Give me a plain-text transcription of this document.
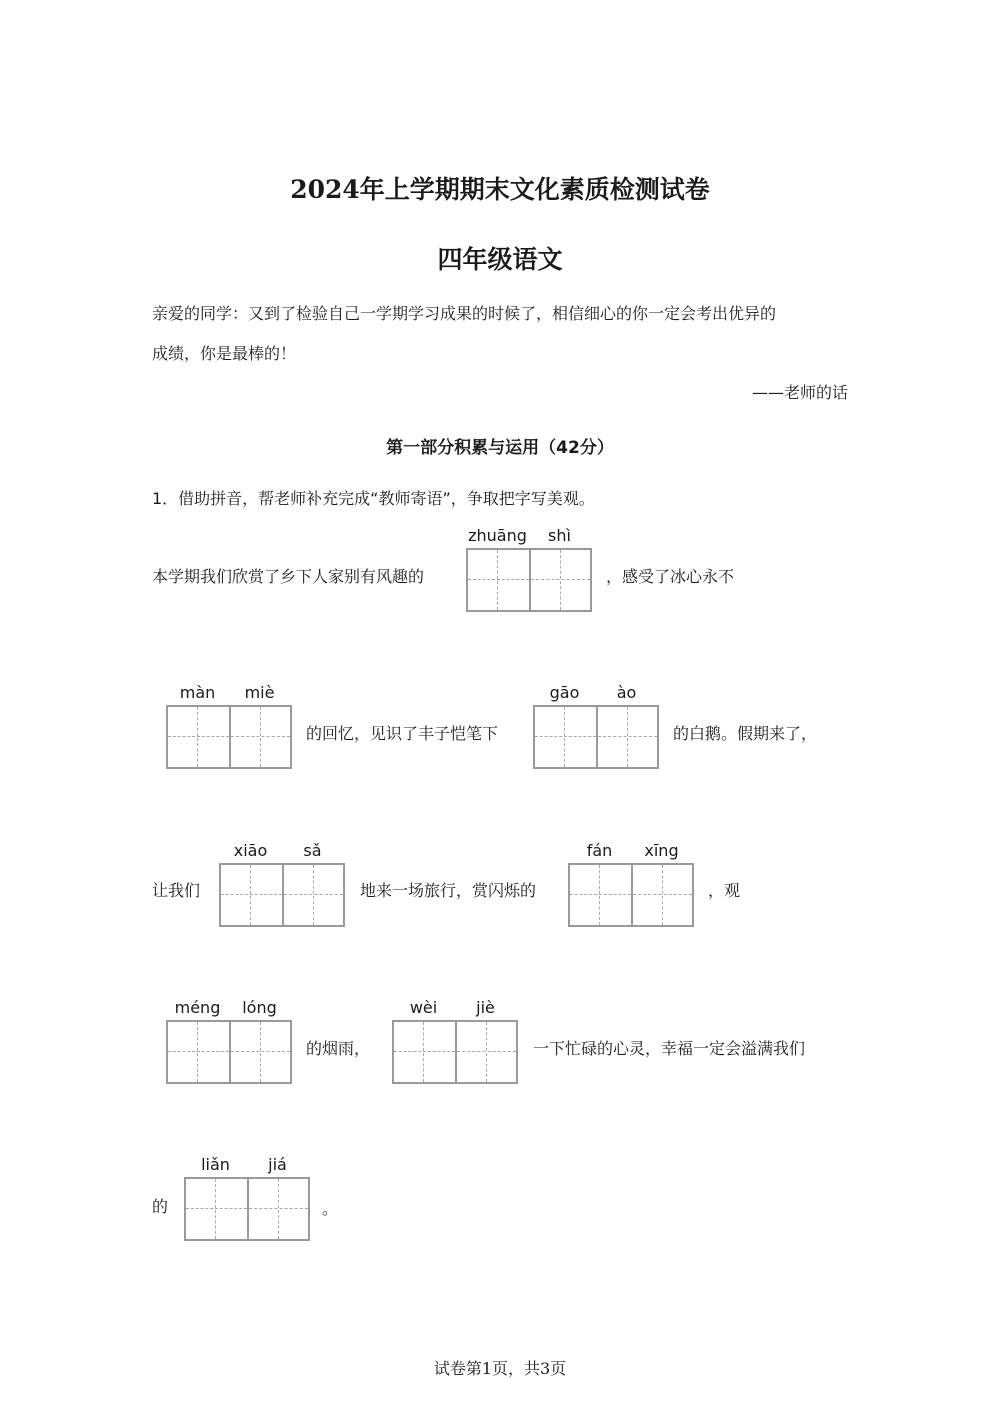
2024年上学期期末文化素质检测试卷
四年级语文
亲爱的同学：又到了检验自己一学期学习成果的时候了，相信细心的你一定会考出优异的
成绩，你是最棒的！
——老师的话
第一部分积累与运用（42分）
1．借助拼音，帮老师补充完成“教师寄语”，争取把字写美观。
本学期我们欣赏了乡下人家别有风趣的
zhuāng	shì
，感受了冰心永不
màn	miè
的回忆，见识了丰子恺笔下
gāo	ào
的白鹅。假期来了，
让我们
xiāo	sǎ
地来一场旅行，赏闪烁的
fán	xīng
，观
méng	lóng
的烟雨，
wèi	jiè
一下忙碌的心灵，幸福一定会溢满我们
的
liǎn	jiá
。
试卷第1页，共3页
